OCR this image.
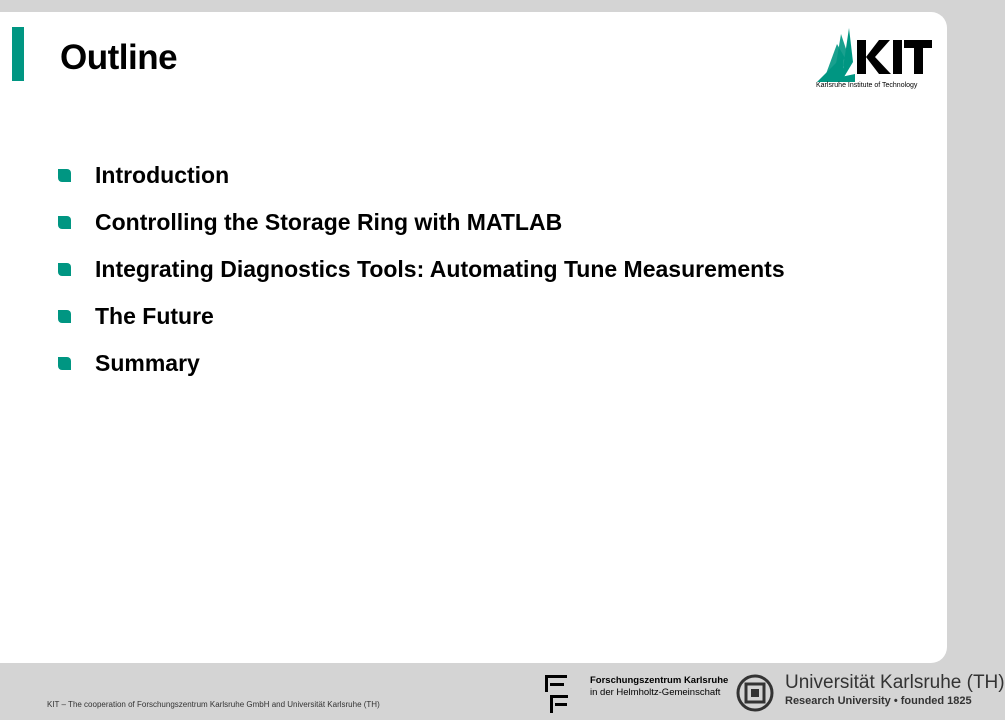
Outline
Karlsruhe Institute of Technology
Introduction
Controlling the Storage Ring with MATLAB
Integrating Diagnostics Tools: Automating Tune Measurements
The Future
Summary
KIT – The cooperation of Forschungszentrum Karlsruhe GmbH and Universität Karlsruhe (TH)
Forschungszentrum Karlsruhe
in der Helmholtz-Gemeinschaft	Universität Karlsruhe (TH)
Research University • founded 1825
